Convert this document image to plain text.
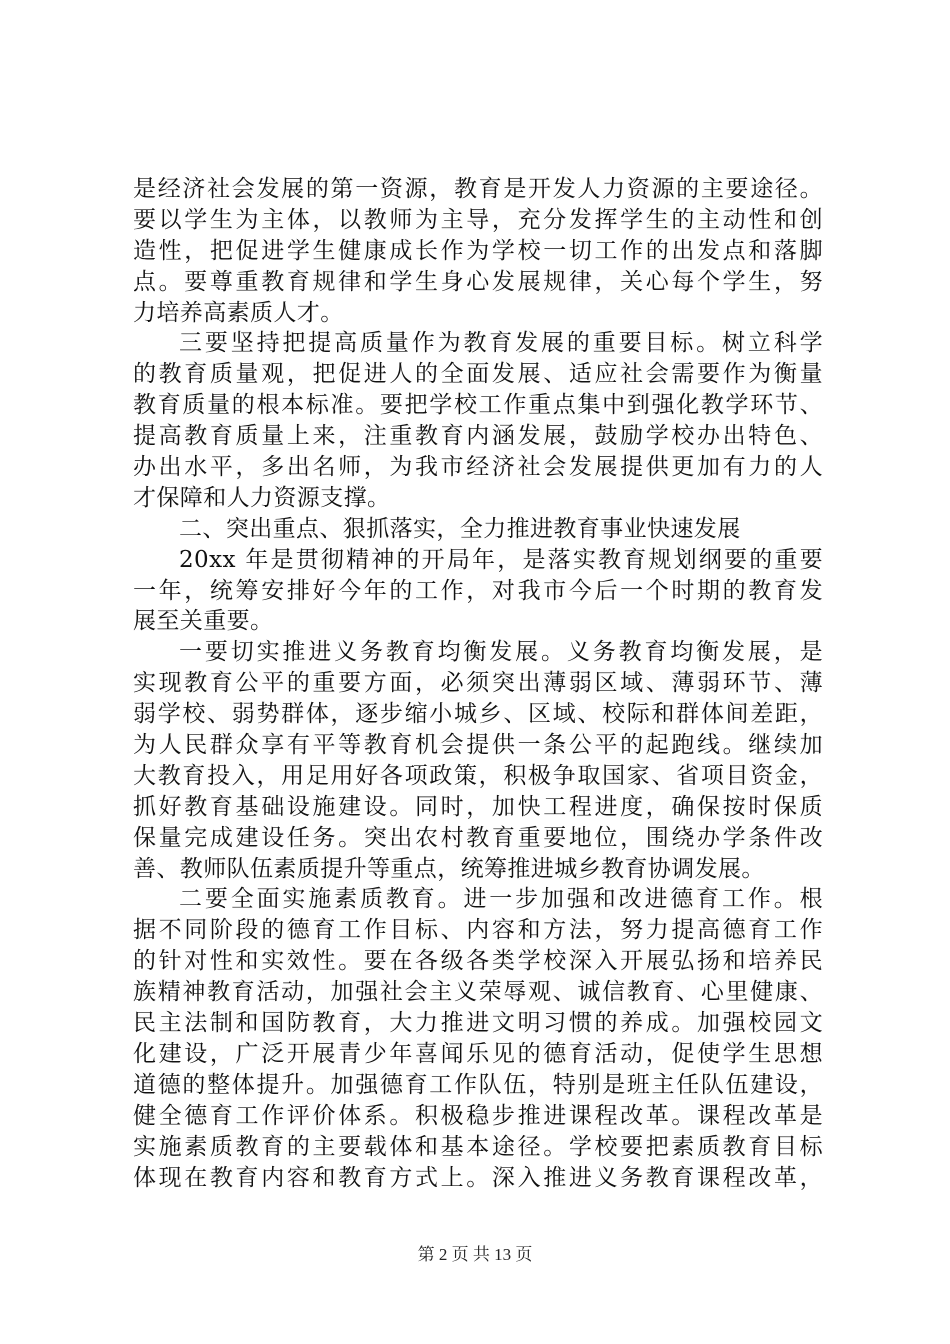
是经济社会发展的第一资源，教育是开发人力资源的主要途径。
要以学生为主体，以教师为主导，充分发挥学生的主动性和创
造性，把促进学生健康成长作为学校一切工作的出发点和落脚
点。要尊重教育规律和学生身心发展规律，关心每个学生，努
力培养高素质人才。
三要坚持把提高质量作为教育发展的重要目标。树立科学
的教育质量观，把促进人的全面发展、适应社会需要作为衡量
教育质量的根本标准。要把学校工作重点集中到强化教学环节、
提高教育质量上来，注重教育内涵发展，鼓励学校办出特色、
办出水平，多出名师，为我市经济社会发展提供更加有力的人
才保障和人力资源支撑。
二、突出重点、狠抓落实，全力推进教育事业快速发展
20xx 年是贯彻精神的开局年，是落实教育规划纲要的重要
一年，统筹安排好今年的工作，对我市今后一个时期的教育发
展至关重要。
一要切实推进义务教育均衡发展。义务教育均衡发展，是
实现教育公平的重要方面，必须突出薄弱区域、薄弱环节、薄
弱学校、弱势群体，逐步缩小城乡、区域、校际和群体间差距，
为人民群众享有平等教育机会提供一条公平的起跑线。继续加
大教育投入，用足用好各项政策，积极争取国家、省项目资金，
抓好教育基础设施建设。同时，加快工程进度，确保按时保质
保量完成建设任务。突出农村教育重要地位，围绕办学条件改
善、教师队伍素质提升等重点，统筹推进城乡教育协调发展。
二要全面实施素质教育。进一步加强和改进德育工作。根
据不同阶段的德育工作目标、内容和方法，努力提高德育工作
的针对性和实效性。要在各级各类学校深入开展弘扬和培养民
族精神教育活动，加强社会主义荣辱观、诚信教育、心里健康、
民主法制和国防教育，大力推进文明习惯的养成。加强校园文
化建设，广泛开展青少年喜闻乐见的德育活动，促使学生思想
道德的整体提升。加强德育工作队伍，特别是班主任队伍建设，
健全德育工作评价体系。积极稳步推进课程改革。课程改革是
实施素质教育的主要载体和基本途径。学校要把素质教育目标
体现在教育内容和教育方式上。深入推进义务教育课程改革，
第 2 页 共 13 页
